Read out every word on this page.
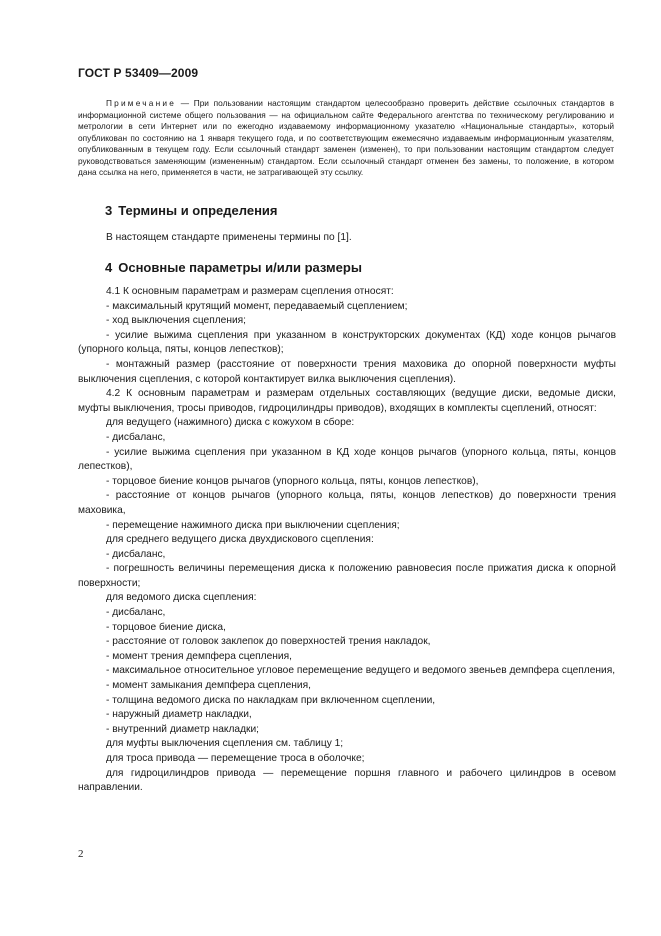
ГОСТ Р 53409—2009
Примечание — При пользовании настоящим стандартом целесообразно проверить действие ссылочных стандартов в информационной системе общего пользования — на официальном сайте Федерального агентства по техническому регулированию и метрологии в сети Интернет или по ежегодно издаваемому информационному указателю «Национальные стандарты», который опубликован по состоянию на 1 января текущего года, и по соответствующим ежемесячно издаваемым информационным указателям, опубликованным в текущем году. Если ссылочный стандарт заменен (изменен), то при пользовании настоящим стандартом следует руководствоваться заменяющим (измененным) стандартом. Если ссылочный стандарт отменен без замены, то положение, в котором дана ссылка на него, применяется в части, не затрагивающей эту ссылку.

3 Термины и определения

В настоящем стандарте применены термины по [1].

4 Основные параметры и/или размеры

4.1 К основным параметрам и размерам сцепления относят:
- максимальный крутящий момент, передаваемый сцеплением;
- ход выключения сцепления;
- усилие выжима сцепления при указанном в конструкторских документах (КД) ходе концов рычагов (упорного кольца, пяты, концов лепестков);
- монтажный размер (расстояние от поверхности трения маховика до опорной поверхности муфты выключения сцепления, с которой контактирует вилка выключения сцепления).
4.2 К основным параметрам и размерам отдельных составляющих (ведущие диски, ведомые диски, муфты выключения, тросы приводов, гидроцилиндры приводов), входящих в комплекты сцеплений, относят:
для ведущего (нажимного) диска с кожухом в сборе:
- дисбаланс,
- усилие выжима сцепления при указанном в КД ходе концов рычагов (упорного кольца, пяты, концов лепестков),
- торцовое биение концов рычагов (упорного кольца, пяты, концов лепестков),
- расстояние от концов рычагов (упорного кольца, пяты, концов лепестков) до поверхности трения маховика,
- перемещение нажимного диска при выключении сцепления;
для среднего ведущего диска двухдискового сцепления:
- дисбаланс,
- погрешность величины перемещения диска к положению равновесия после прижатия диска к опорной поверхности;
для ведомого диска сцепления:
- дисбаланс,
- торцовое биение диска,
- расстояние от головок заклепок до поверхностей трения накладок,
- момент трения демпфера сцепления,
- максимальное относительное угловое перемещение ведущего и ведомого звеньев демпфера сцепления,
- момент замыкания демпфера сцепления,
- толщина ведомого диска по накладкам при включенном сцеплении,
- наружный диаметр накладки,
- внутренний диаметр накладки;
для муфты выключения сцепления см. таблицу 1;
для троса привода — перемещение троса в оболочке;
для гидроцилиндров привода — перемещение поршня главного и рабочего цилиндров в осевом направлении.
2
